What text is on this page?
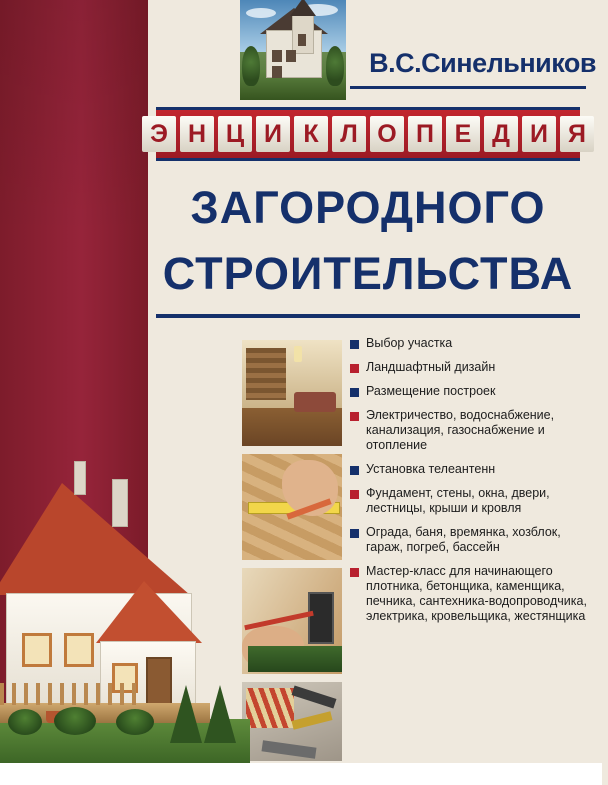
В.С.Синельников
Э Н Ц И К Л О П Е Д И Я
ЗАГОРОДНОГО
СТРОИТЕЛЬСТВА
Выбор участка
Ландшафтный дизайн
Размещение построек
Электричество, водоснабжение, канализация, газоснабжение и отопление
Установка телеантенн
Фундамент, стены, окна, двери, лестницы, крыши и кровля
Ограда, баня, времянка, хозблок, гараж, погреб, бассейн
Мастер-класс для начинающего плотника, бетонщика, каменщика, печника, сантехника-водопроводчика, электрика, кровельщика, жестянщика
